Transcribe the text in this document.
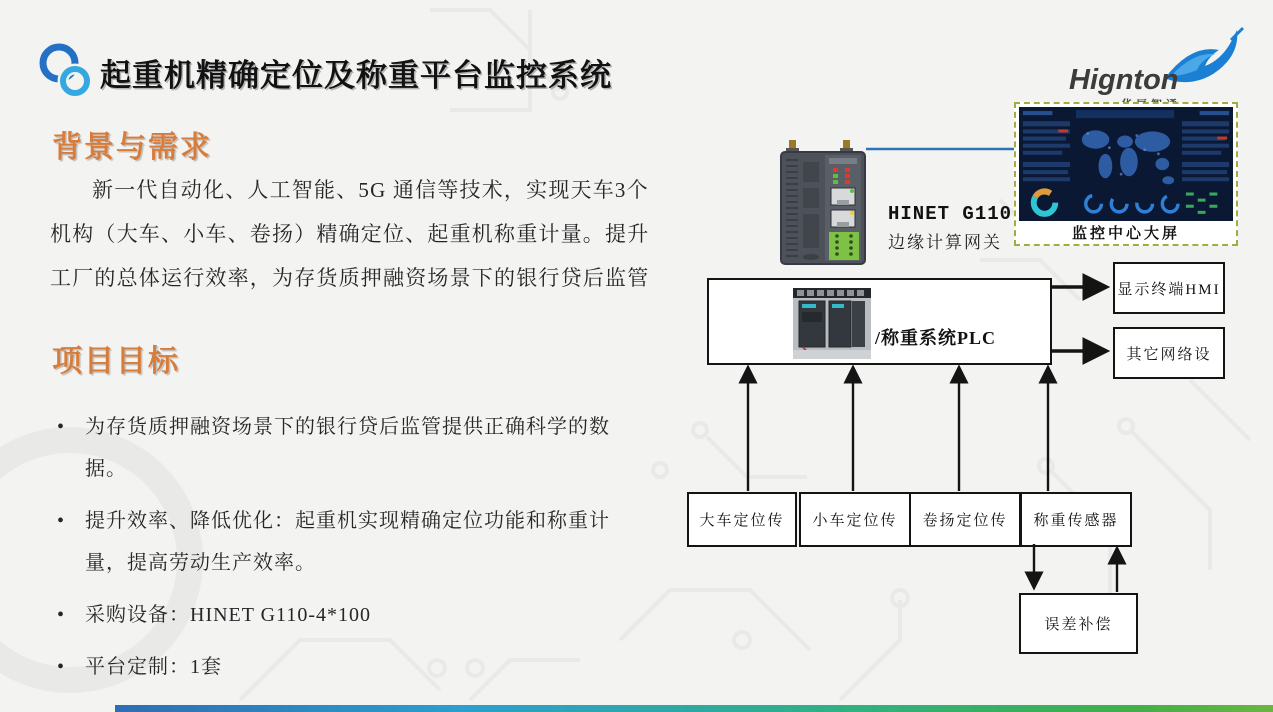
起重机精确定位及称重平台监控系统	Hignton
背景与需求
新一代自动化、人工智能、5G 通信等技术，实现天车3个机构（大车、小车、卷扬）精确定位、起重机称重计量。提升工厂的总体运行效率，为存货质押融资场景下的银行贷后监管
项目目标
• 为存货质押融资场景下的银行贷后监管提供正确科学的数据。
• 提升效率、降低优化：起重机实现精确定位功能和称重计量，提高劳动生产效率。
• 采购设备：HINET G110-4*100
• 平台定制：1套
HINET G110
边缘计算网关	监控中心大屏
/称重系统PLC
显示终端HMI
其它网络设
大车定位传	小车定位传	卷扬定位传	称重传感器
误差补偿
